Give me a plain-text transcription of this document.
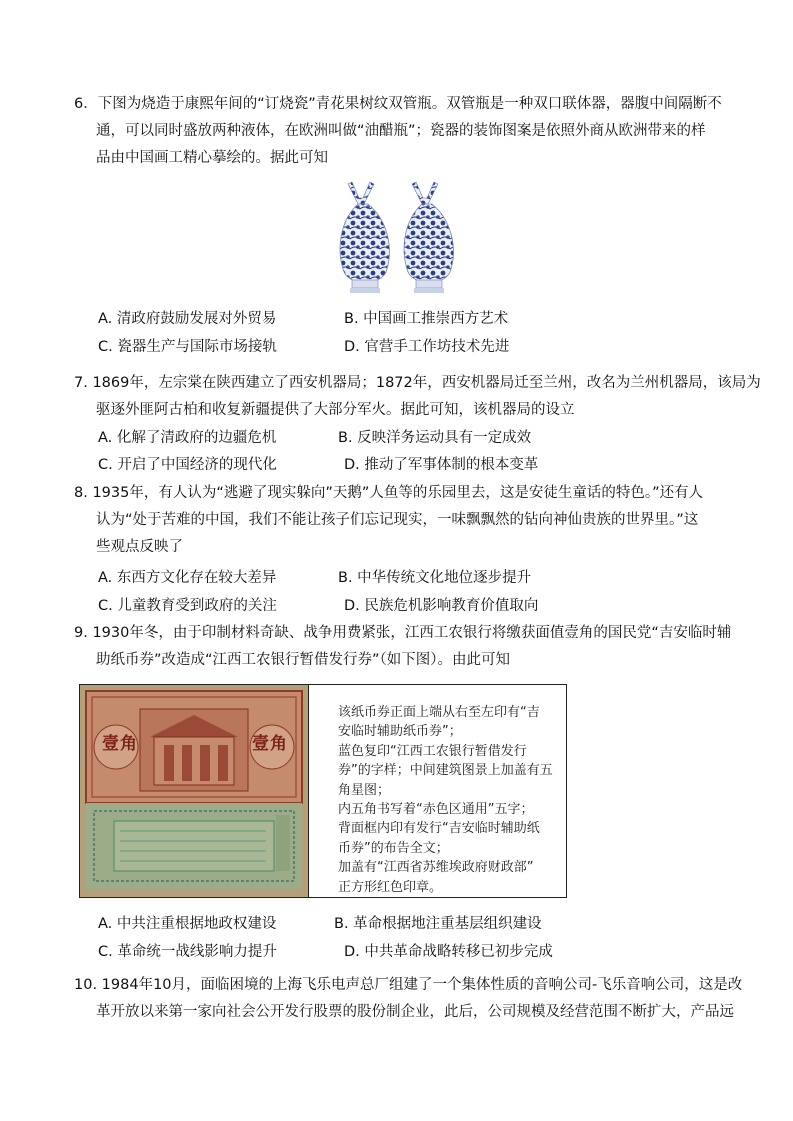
6．下图为烧造于康熙年间的“订烧瓷”青花果树纹双管瓶。双管瓶是一种双口联体器，器腹中间隔断不
通，可以同时盛放两种液体，在欧洲叫做“油醋瓶”；瓷器的装饰图案是依照外商从欧洲带来的样
品由中国画工精心摹绘的。据此可知
A. 清政府鼓励发展对外贸易	B. 中国画工推崇西方艺术
C. 瓷器生产与国际市场接轨	D. 官营手工作坊技术先进
7. 1869年，左宗棠在陕西建立了西安机器局；1872年，西安机器局迁至兰州，改名为兰州机器局，该局为
驱逐外匪阿古柏和收复新疆提供了大部分军火。据此可知，该机器局的设立
A. 化解了清政府的边疆危机	B. 反映洋务运动具有一定成效
C. 开启了中国经济的现代化	D. 推动了军事体制的根本变革
8. 1935年，有人认为“逃避了现实躲向”天鹅”人鱼等的乐园里去，这是安徒生童话的特色。”还有人
认为“处于苦难的中国，我们不能让孩子们忘记现实，一味飘飘然的钻向神仙贵族的世界里。”这
些观点反映了
A. 东西方文化存在较大差异	B. 中华传统文化地位逐步提升
C. 儿童教育受到政府的关注	D. 民族危机影响教育价值取向
9. 1930年冬，由于印制材料奇缺、战争用费紧张，江西工农银行将缴获面值壹角的国民党“吉安临时辅
助纸币券”改造成“江西工农银行暂借发行券”（如下图）。由此可知
壹 角	壹 角
该纸币券正面上端从右至左印有“吉
安临时辅助纸币券”；
蓝色复印“江西工农银行暂借发行
券”的字样；中间建筑图景上加盖有五
角星图；
内五角书写着“赤色区通用”五字；
背面框内印有发行“吉安临时辅助纸
币券”的布告全文；
加盖有“江西省苏维埃政府财政部”
正方形红色印章。
A. 中共注重根据地政权建设	B. 革命根据地注重基层组织建设
C. 革命统一战线影响力提升	D. 中共革命战略转移已初步完成
10. 1984年10月，面临困境的上海飞乐电声总厂组建了一个集体性质的音响公司-飞乐音响公司，这是改
革开放以来第一家向社会公开发行股票的股份制企业，此后，公司规模及经营范围不断扩大，产品远
